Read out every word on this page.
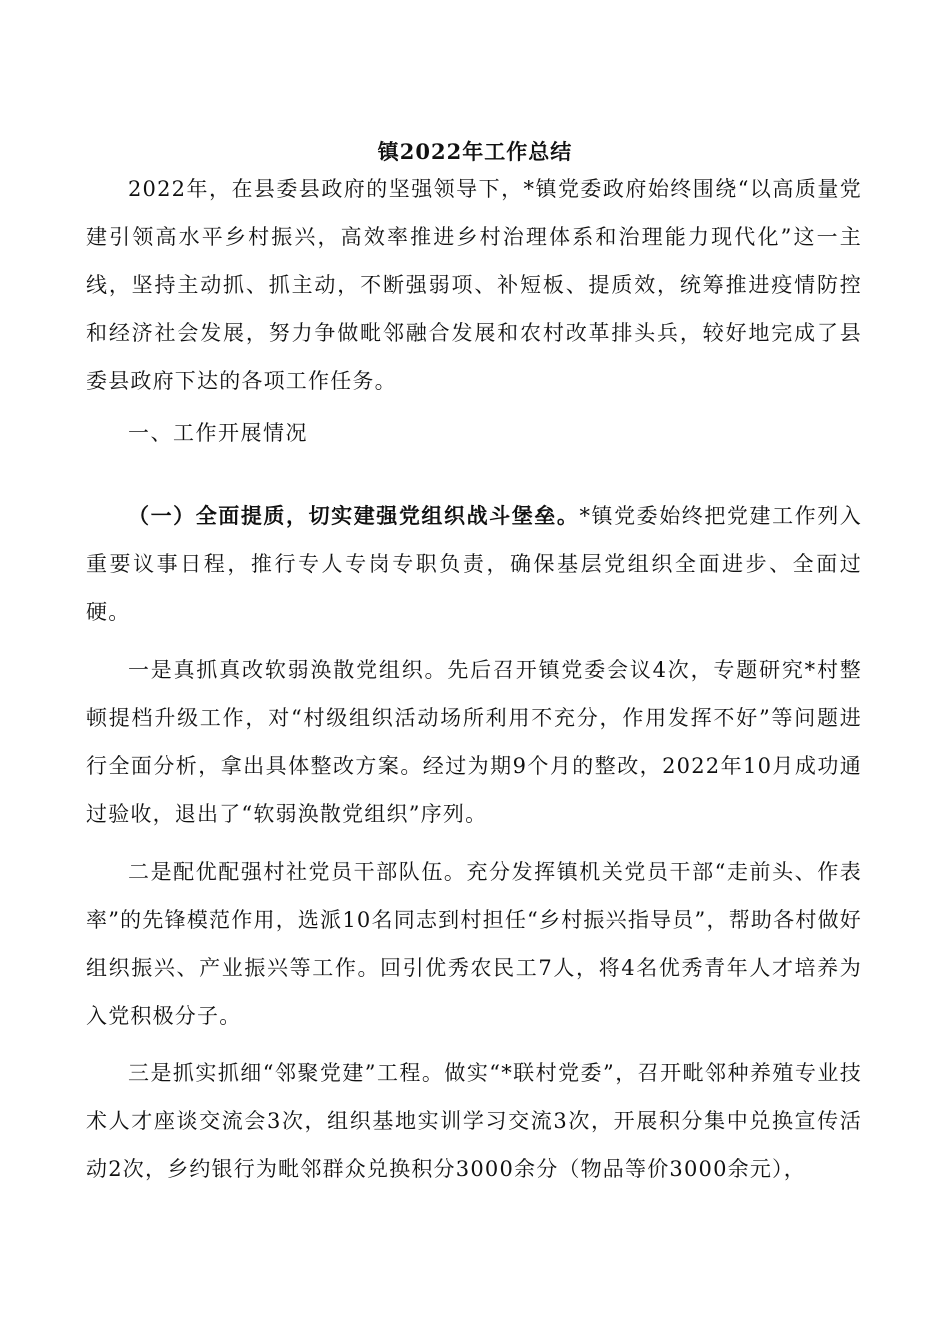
镇2022年工作总结

2022年，在县委县政府的坚强领导下，*镇党委政府始终围绕“以高质量党建引领高水平乡村振兴，高效率推进乡村治理体系和治理能力现代化”这一主线，坚持主动抓、抓主动，不断强弱项、补短板、提质效，统筹推进疫情防控和经济社会发展，努力争做毗邻融合发展和农村改革排头兵，较好地完成了县委县政府下达的各项工作任务。

一、工作开展情况

（一）全面提质，切实建强党组织战斗堡垒。*镇党委始终把党建工作列入重要议事日程，推行专人专岗专职负责，确保基层党组织全面进步、全面过硬。

一是真抓真改软弱涣散党组织。先后召开镇党委会议4次，专题研究*村整顿提档升级工作，对“村级组织活动场所利用不充分，作用发挥不好”等问题进行全面分析，拿出具体整改方案。经过为期9个月的整改，2022年10月成功通过验收，退出了“软弱涣散党组织”序列。

二是配优配强村社党员干部队伍。充分发挥镇机关党员干部“走前头、作表率”的先锋模范作用，选派10名同志到村担任“乡村振兴指导员”，帮助各村做好组织振兴、产业振兴等工作。回引优秀农民工7人，将4名优秀青年人才培养为入党积极分子。

三是抓实抓细“邻聚党建”工程。做实“*联村党委”，召开毗邻种养殖专业技术人才座谈交流会3次，组织基地实训学习交流3次，开展积分集中兑换宣传活动2次，乡约银行为毗邻群众兑换积分3000余分（物品等价3000余元），
